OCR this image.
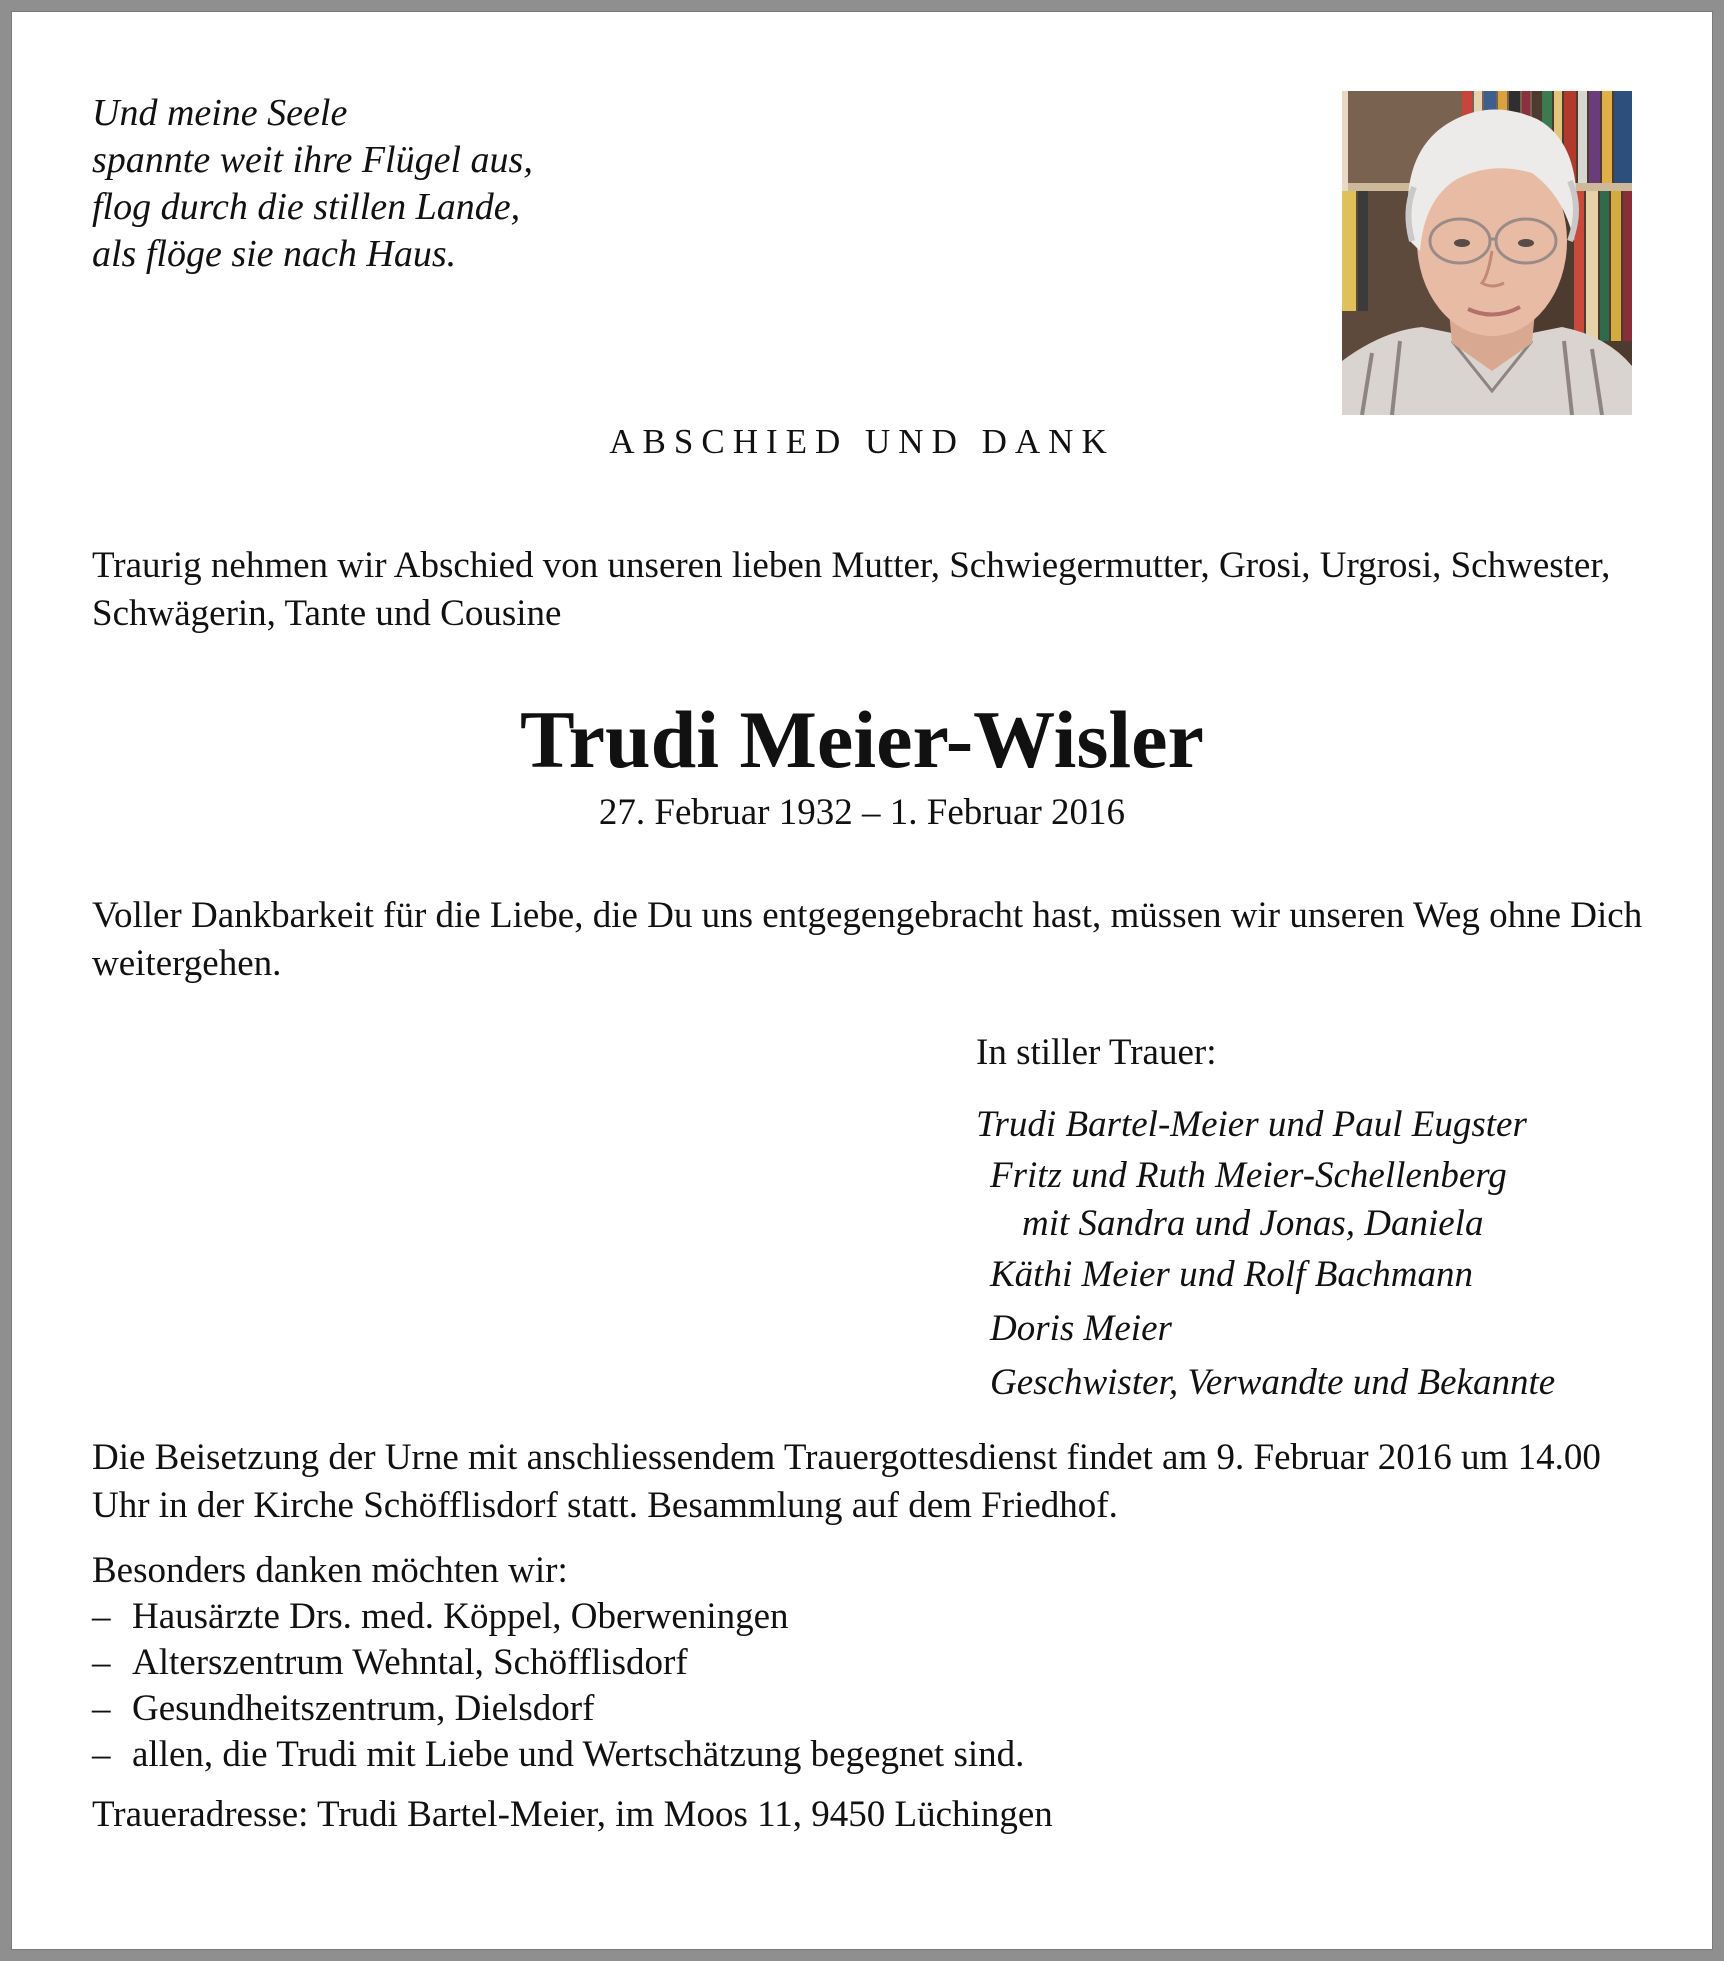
Und meine Seele
spannte weit ihre Flügel aus,
flog durch die stillen Lande,
als flöge sie nach Haus.
ABSCHIED UND DANK

Traurig nehmen wir Abschied von unseren lieben Mutter, Schwiegermutter, Grosi, Urgrosi, Schwester, Schwägerin, Tante und Cousine

Trudi Meier-Wisler
27. Februar 1932 – 1. Februar 2016

Voller Dankbarkeit für die Liebe, die Du uns entgegengebracht hast, müssen wir unseren Weg ohne Dich weitergehen.

In stiller Trauer:
Trudi Bartel-Meier und Paul Eugster
Fritz und Ruth Meier-Schellenberg
mit Sandra und Jonas, Daniela
Käthi Meier und Rolf Bachmann
Doris Meier
Geschwister, Verwandte und Bekannte

Die Beisetzung der Urne mit anschliessendem Trauergottesdienst findet am 9. Februar 2016 um 14.00 Uhr in der Kirche Schöfflisdorf statt. Besammlung auf dem Friedhof.

Besonders danken möchten wir:
– Hausärzte Drs. med. Köppel, Oberweningen
– Alterszentrum Wehntal, Schöfflisdorf
– Gesundheitszentrum, Dielsdorf
– allen, die Trudi mit Liebe und Wertschätzung begegnet sind.
Traueradresse: Trudi Bartel-Meier, im Moos 11, 9450 Lüchingen
